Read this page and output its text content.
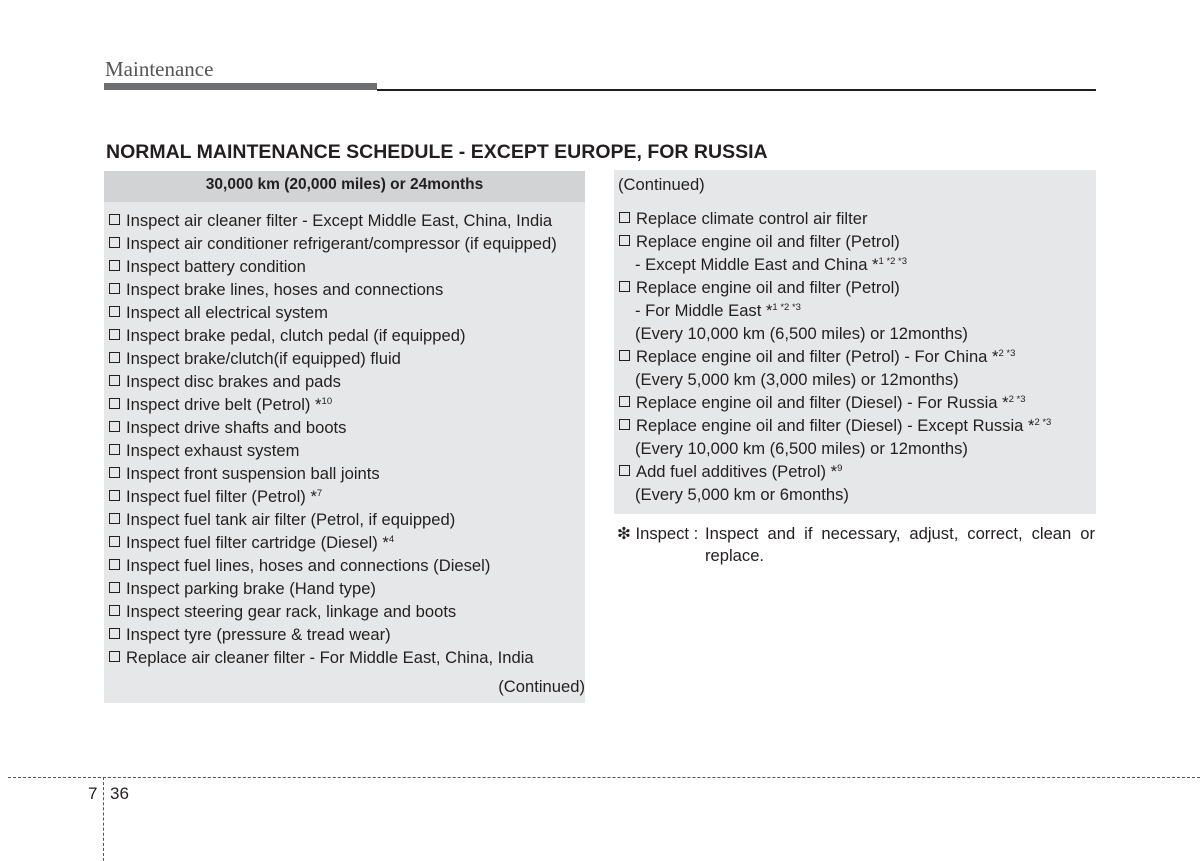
Maintenance
NORMAL MAINTENANCE SCHEDULE - EXCEPT EUROPE, FOR RUSSIA
30,000 km (20,000 miles) or 24months
Inspect air cleaner filter - Except Middle East, China, India
Inspect air conditioner refrigerant/compressor (if equipped)
Inspect battery condition
Inspect brake lines, hoses and connections
Inspect all electrical system
Inspect brake pedal, clutch pedal (if equipped)
Inspect brake/clutch(if equipped) fluid
Inspect disc brakes and pads
Inspect drive belt (Petrol) *$^{10}$
Inspect drive shafts and boots
Inspect exhaust system
Inspect front suspension ball joints
Inspect fuel filter (Petrol) *$^7$
Inspect fuel tank air filter (Petrol, if equipped)
Inspect fuel filter cartridge (Diesel) *$^4$
Inspect fuel lines, hoses and connections (Diesel)
Inspect parking brake (Hand type)
Inspect steering gear rack, linkage and boots
Inspect tyre (pressure & tread wear)
Replace air cleaner filter - For Middle East, China, India
(Continued)
(Continued)
Replace climate control air filter
Replace engine oil and filter (Petrol)
- Except Middle East and China *$^{1 *2 *3}$
Replace engine oil and filter (Petrol)
- For Middle East *$^{1 *2 *3}$
(Every 10,000 km (6,500 miles) or 12months)
Replace engine oil and filter (Petrol) - For China *$^{2 *3}$
(Every 5,000 km (3,000 miles) or 12months)
Replace engine oil and filter (Diesel) - For Russia *$^{2 *3}$
Replace engine oil and filter (Diesel) - Except Russia *$^{2 *3}$
(Every 10,000 km (6,500 miles) or 12months)
Add fuel additives (Petrol) *$^9$
(Every 5,000 km or 6months)
❇ Inspect : Inspect and if necessary, adjust, correct, clean or replace.
7 36
